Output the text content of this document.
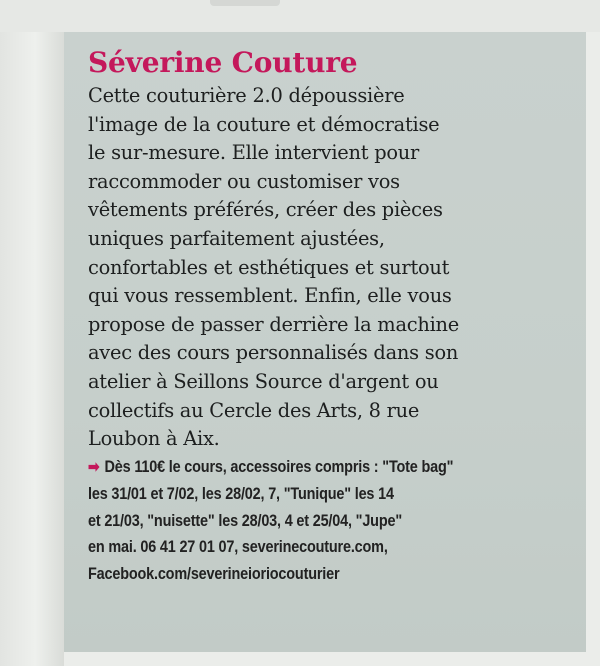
Séverine Couture

Cette couturière 2.0 dépoussière
l'image de la couture et démocratise
le sur-mesure. Elle intervient pour
raccommoder ou customiser vos
vêtements préférés, créer des pièces
uniques parfaitement ajustées,
confortables et esthétiques et surtout
qui vous ressemblent. Enfin, elle vous
propose de passer derrière la machine
avec des cours personnalisés dans son
atelier à Seillons Source d'argent ou
collectifs au Cercle des Arts, 8 rue
Loubon à Aix.

➡ Dès 110€ le cours, accessoires compris : "Tote bag"
les 31/01 et 7/02, les 28/02, 7, "Tunique" les 14
et 21/03, "nuisette" les 28/03, 4 et 25/04, "Jupe"
en mai. 06 41 27 01 07, severinecouture.com,
Facebook.com/severineioriocouturier
